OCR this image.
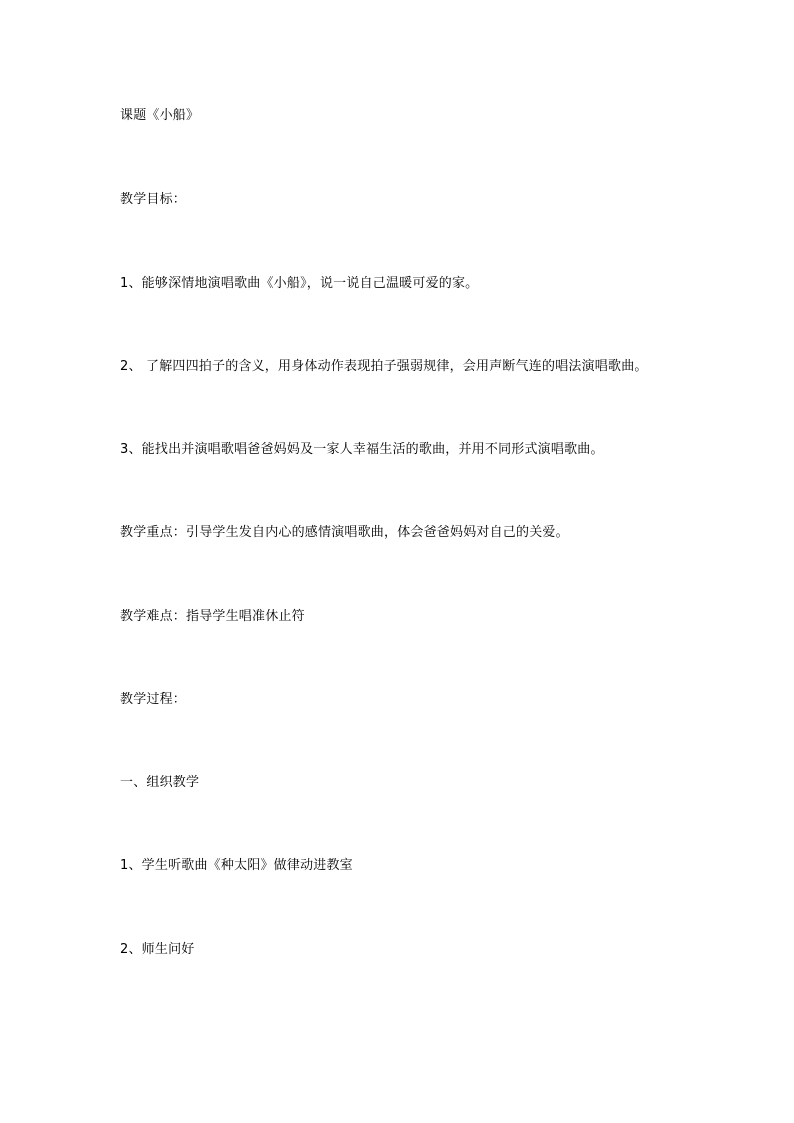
课题《小船》
教学目标：
1、能够深情地演唱歌曲《小船》，说一说自己温暖可爱的家。
2、 了解四四拍子的含义，用身体动作表现拍子强弱规律，会用声断气连的唱法演唱歌曲。
3、能找出并演唱歌唱爸爸妈妈及一家人幸福生活的歌曲，并用不同形式演唱歌曲。
教学重点：引导学生发自内心的感情演唱歌曲，体会爸爸妈妈对自己的关爱。
教学难点：指导学生唱准休止符
教学过程：
一、组织教学
1、学生听歌曲《种太阳》做律动进教室
2、师生问好
